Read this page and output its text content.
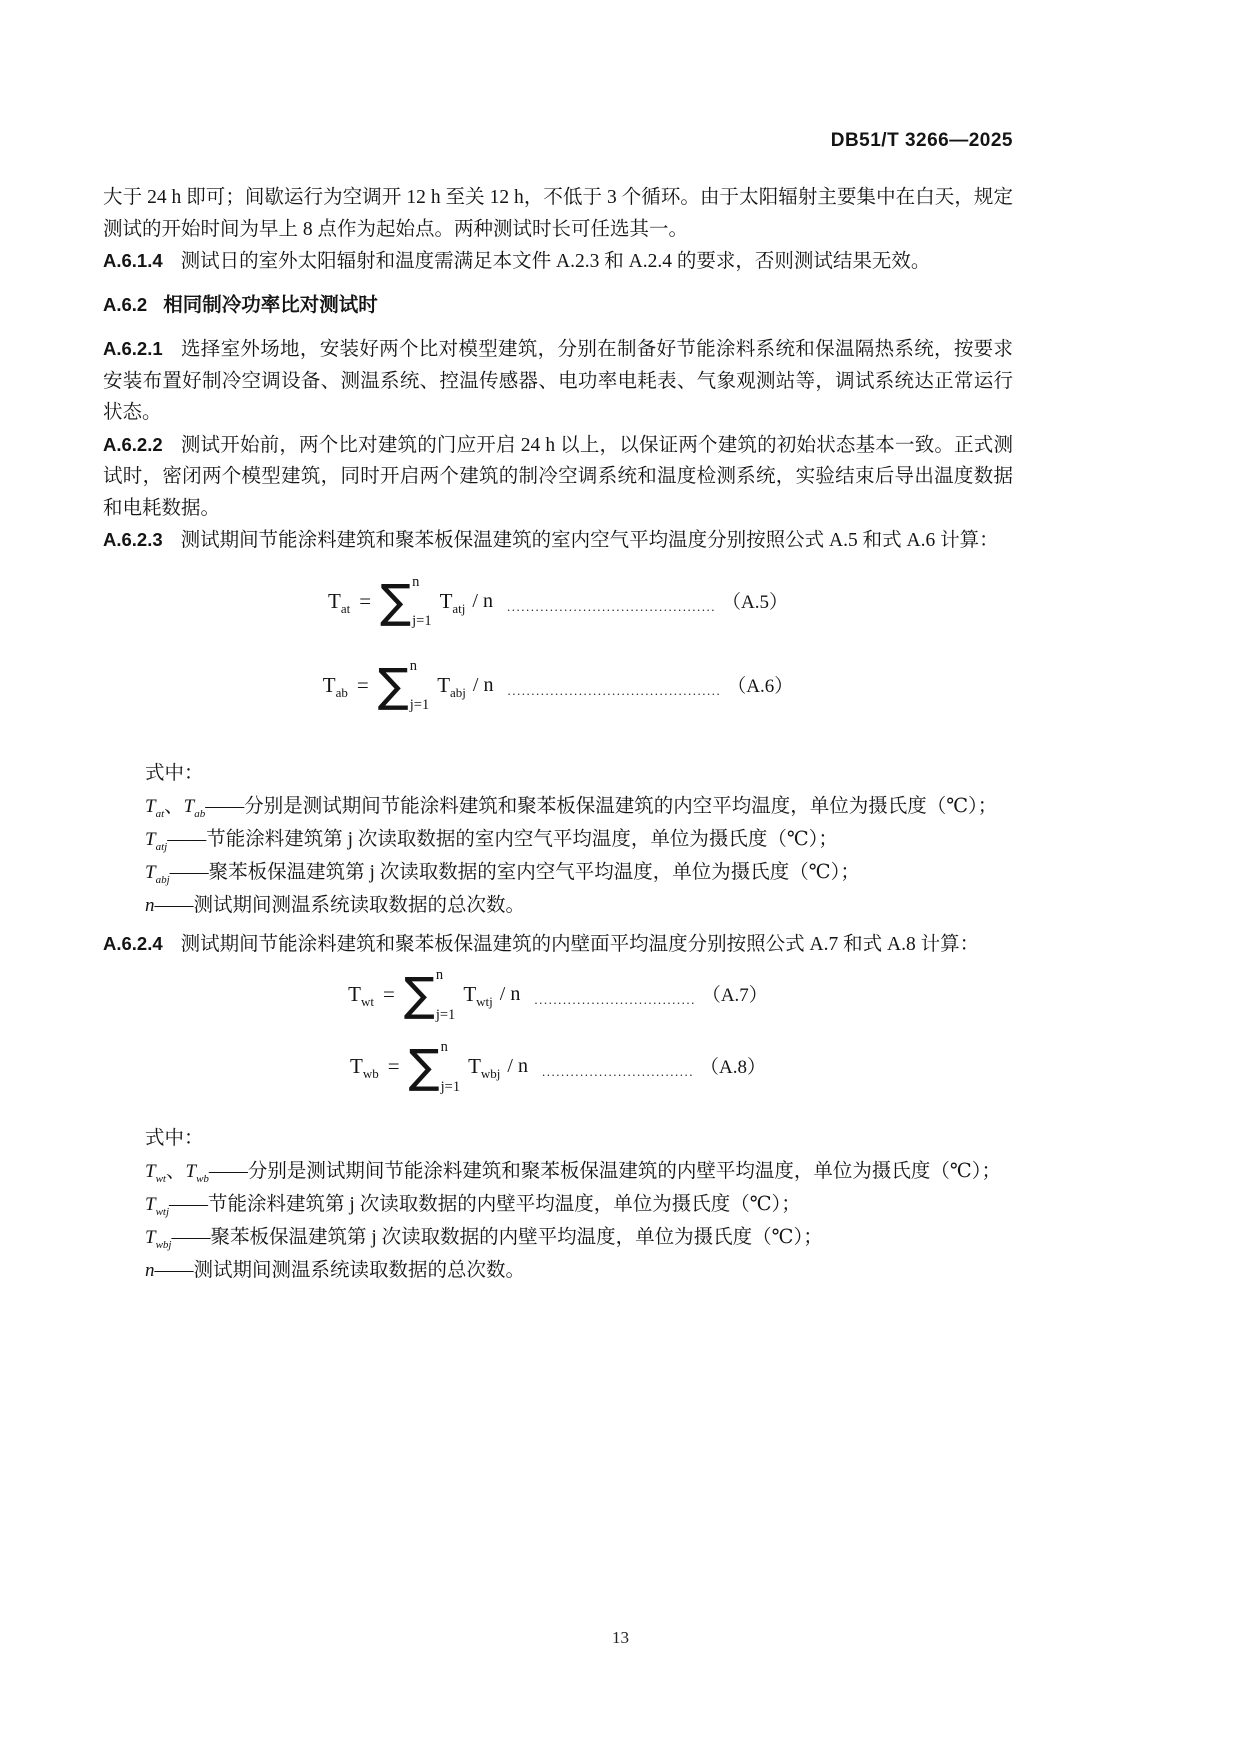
DB51/T 3266—2025

大于 24 h 即可；间歇运行为空调开 12 h 至关 12 h，不低于 3 个循环。由于太阳辐射主要集中在白天，规定测试的开始时间为早上 8 点作为起始点。两种测试时长可任选其一。

A.6.1.4 测试日的室外太阳辐射和温度需满足本文件 A.2.3 和 A.2.4 的要求，否则测试结果无效。

A.6.2 相同制冷功率比对测试时

A.6.2.1 选择室外场地，安装好两个比对模型建筑，分别在制备好节能涂料系统和保温隔热系统，按要求安装布置好制冷空调设备、测温系统、控温传感器、电功率电耗表、气象观测站等，调试系统达正常运行状态。

A.6.2.2 测试开始前，两个比对建筑的门应开启 24 h 以上，以保证两个建筑的初始状态基本一致。正式测试时，密闭两个模型建筑，同时开启两个建筑的制冷空调系统和温度检测系统，实验结束后导出温度数据和电耗数据。

A.6.2.3 测试期间节能涂料建筑和聚苯板保温建筑的室内空气平均温度分别按照公式 A.5 和式 A.6 计算：

$T_{at}$ = ∑ n
j=1
$T_{atj}$ / n ............................................ （A.5）
$T_{ab}$ = ∑ n
j=1
$T_{abj}$ / n ............................................. （A.6）

式中：

$T_{at}$、$T_{ab}——$分别是测试期间节能涂料建筑和聚苯板保温建筑的内空平均温度，单位为摄氏度（℃）；

$T_{atj}——$节能涂料建筑第 j 次读取数据的室内空气平均温度，单位为摄氏度（℃）；

$T_{abj}——$聚苯板保温建筑第 j 次读取数据的室内空气平均温度，单位为摄氏度（℃）；

n——测试期间测温系统读取数据的总次数。

A.6.2.4 测试期间节能涂料建筑和聚苯板保温建筑的内壁面平均温度分别按照公式 A.7 和式 A.8 计算：

$T_{wt}$ = ∑ n
j=1
$T_{wtj}$ / n .................................. （A.7）
$T_{wb}$ = ∑ n
j=1
$T_{wbj}$ / n ................................ （A.8）

式中：

$T_{wt}$、$T_{wb}——$分别是测试期间节能涂料建筑和聚苯板保温建筑的内壁平均温度，单位为摄氏度（℃）；

$T_{wtj}——$节能涂料建筑第 j 次读取数据的内壁平均温度，单位为摄氏度（℃）；

$T_{wbj}——$聚苯板保温建筑第 j 次读取数据的内壁平均温度，单位为摄氏度（℃）；

n——测试期间测温系统读取数据的总次数。

13
